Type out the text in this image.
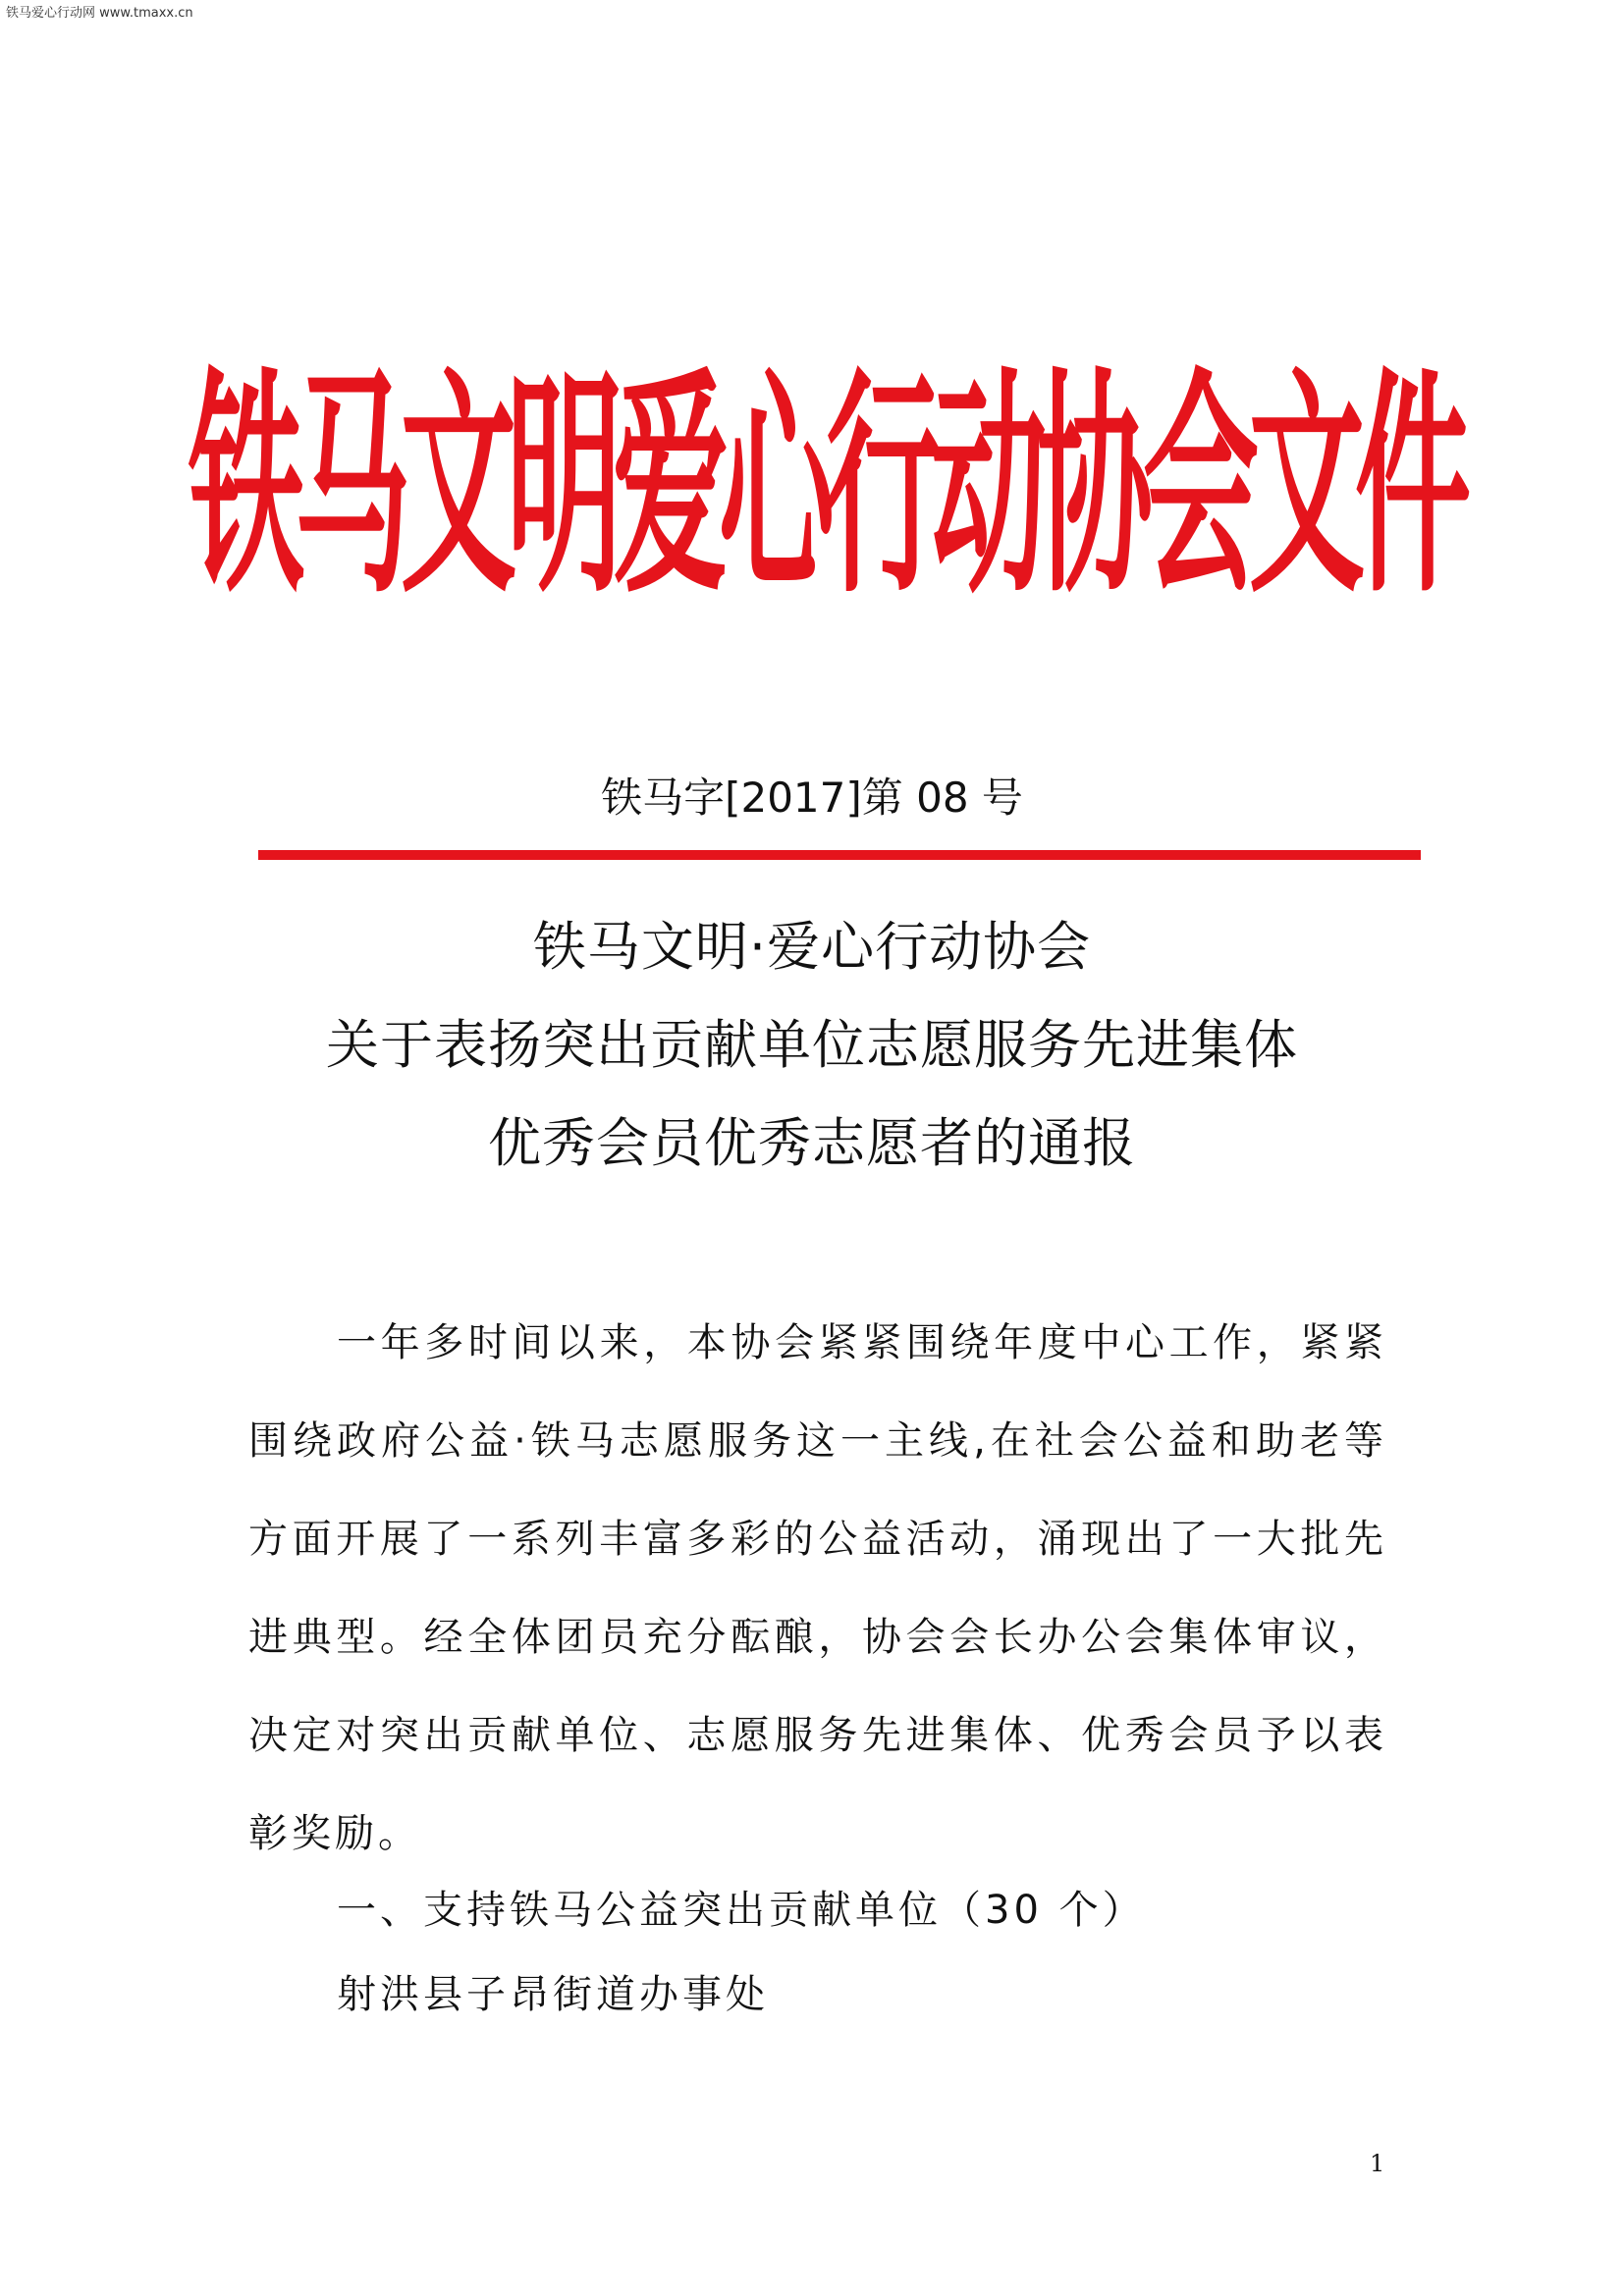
铁马爱心行动网 www.tmaxx.cn
铁马文明爱心行动协会文件
铁马字[2017]第 08 号
铁马文明·爱心行动协会
关于表扬突出贡献单位志愿服务先进集体
优秀会员优秀志愿者的通报
一年多时间以来，本协会紧紧围绕年度中心工作，紧紧围绕政府公益·铁马志愿服务这一主线,在社会公益和助老等方面开展了一系列丰富多彩的公益活动，涌现出了一大批先进典型。经全体团员充分酝酿，协会会长办公会集体审议，决定对突出贡献单位、志愿服务先进集体、优秀会员予以表彰奖励。
一、支持铁马公益突出贡献单位（30 个）
射洪县子昂街道办事处
1
